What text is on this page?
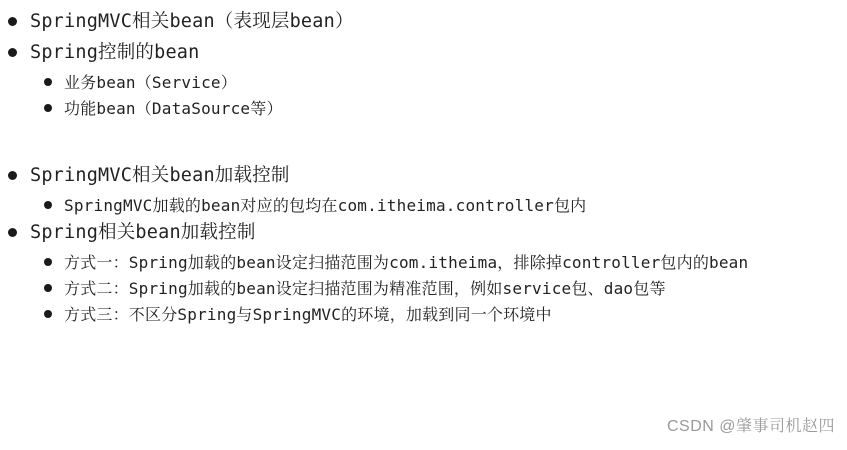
SpringMVC相关bean（表现层bean）
Spring控制的bean
业务bean（Service）
功能bean（DataSource等）
SpringMVC相关bean加载控制
SpringMVC加载的bean对应的包均在com.itheima.controller包内
Spring相关bean加载控制
方式一：Spring加载的bean设定扫描范围为com.itheima，排除掉controller包内的bean
方式二：Spring加载的bean设定扫描范围为精准范围，例如service包、dao包等
方式三：不区分Spring与SpringMVC的环境，加载到同一个环境中
CSDN @肇事司机赵四
